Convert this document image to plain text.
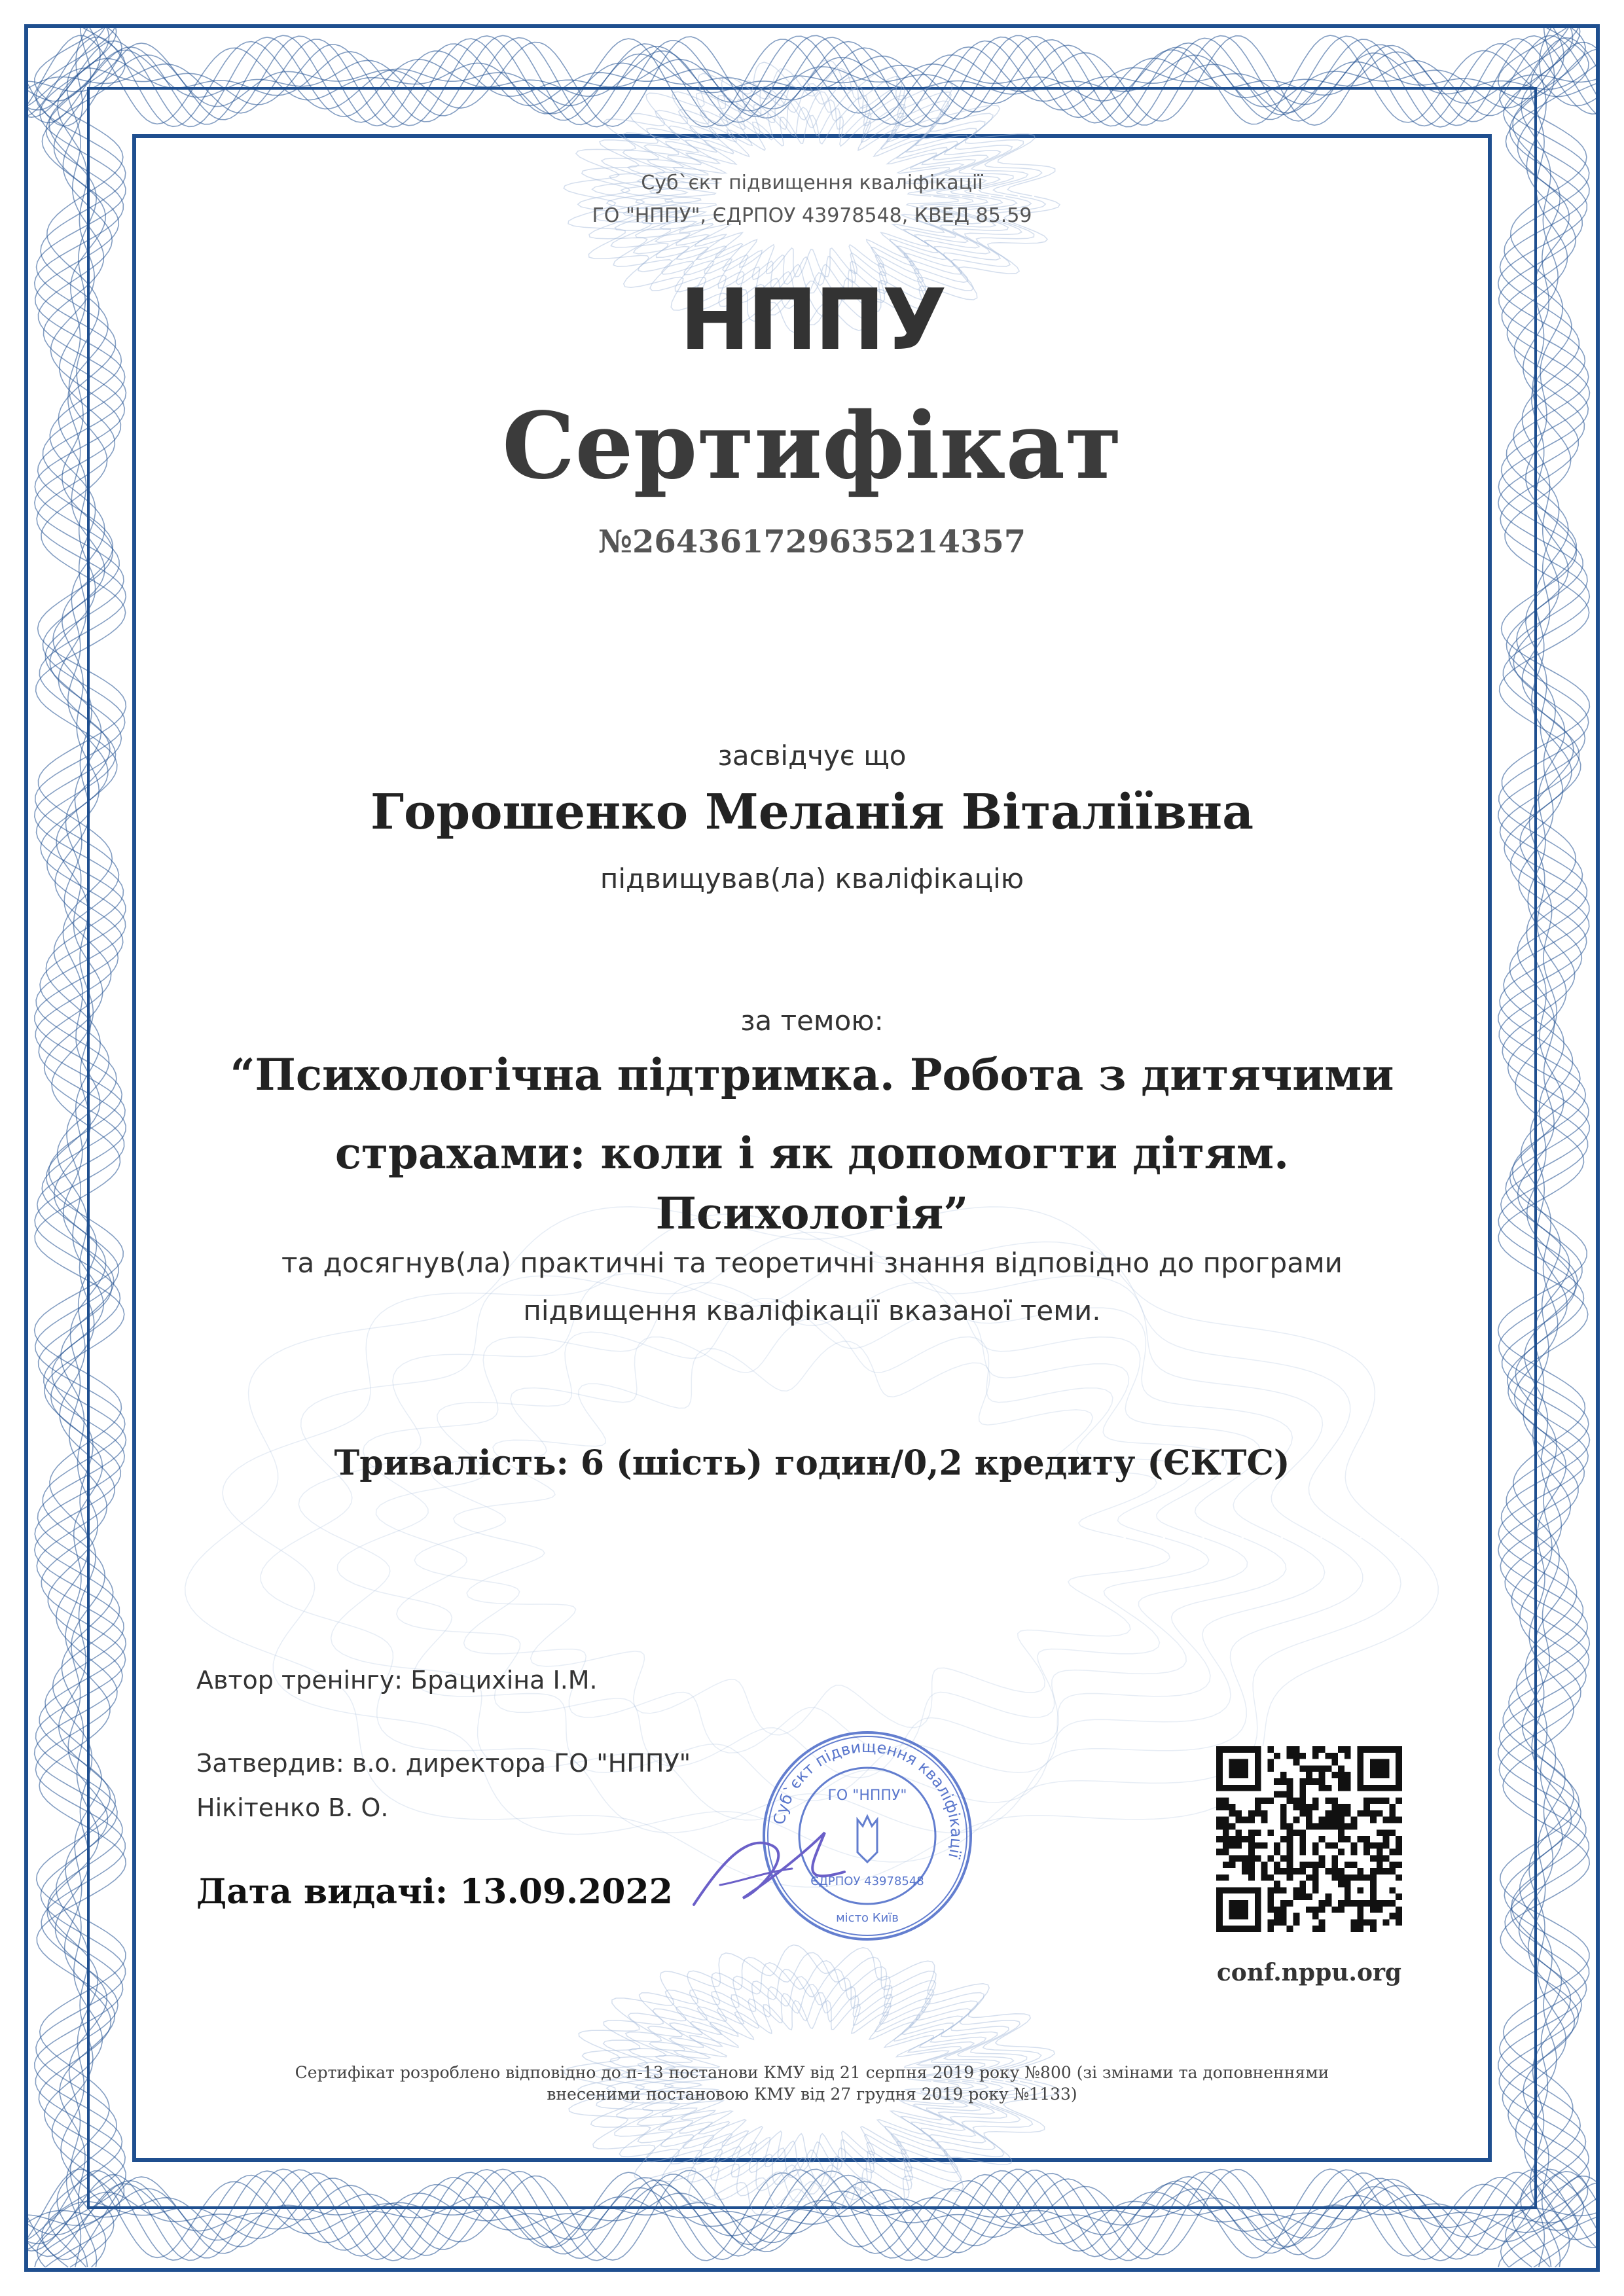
Суб`єкт підвищення кваліфікації
ГО "НППУ", ЄДРПОУ 43978548, КВЕД 85.59
НППУ
Сертифікат
№264361729635214357
засвідчує що
Горошенко Меланія Віталіївна
підвищував(ла) кваліфікацію
за темою:
“Психологічна підтримка. Робота з дитячими
страхами: коли і як допомогти дітям.
Психологія”
та досягнув(ла) практичні та теоретичні знання відповідно до програми
підвищення кваліфікації вказаної теми.
Тривалість: 6 (шість) годин/0,2 кредиту (ЄКТС)
Автор тренінгу: Брацихіна І.М.
Затвердив: в.о. директора ГО "НППУ"
Нікітенко В. О.
Дата видачі: 13.09.2022
Суб`єкт підвищення кваліфікації
ГО "НППУ"
ЄДРПОУ 43978548
місто Київ
conf.nppu.org
Сертифікат розроблено відповідно до п-13 постанови КМУ від 21 серпня 2019 року №800 (зі змінами та доповненнями
внесеними постановою КМУ від 27 грудня 2019 року №1133)
